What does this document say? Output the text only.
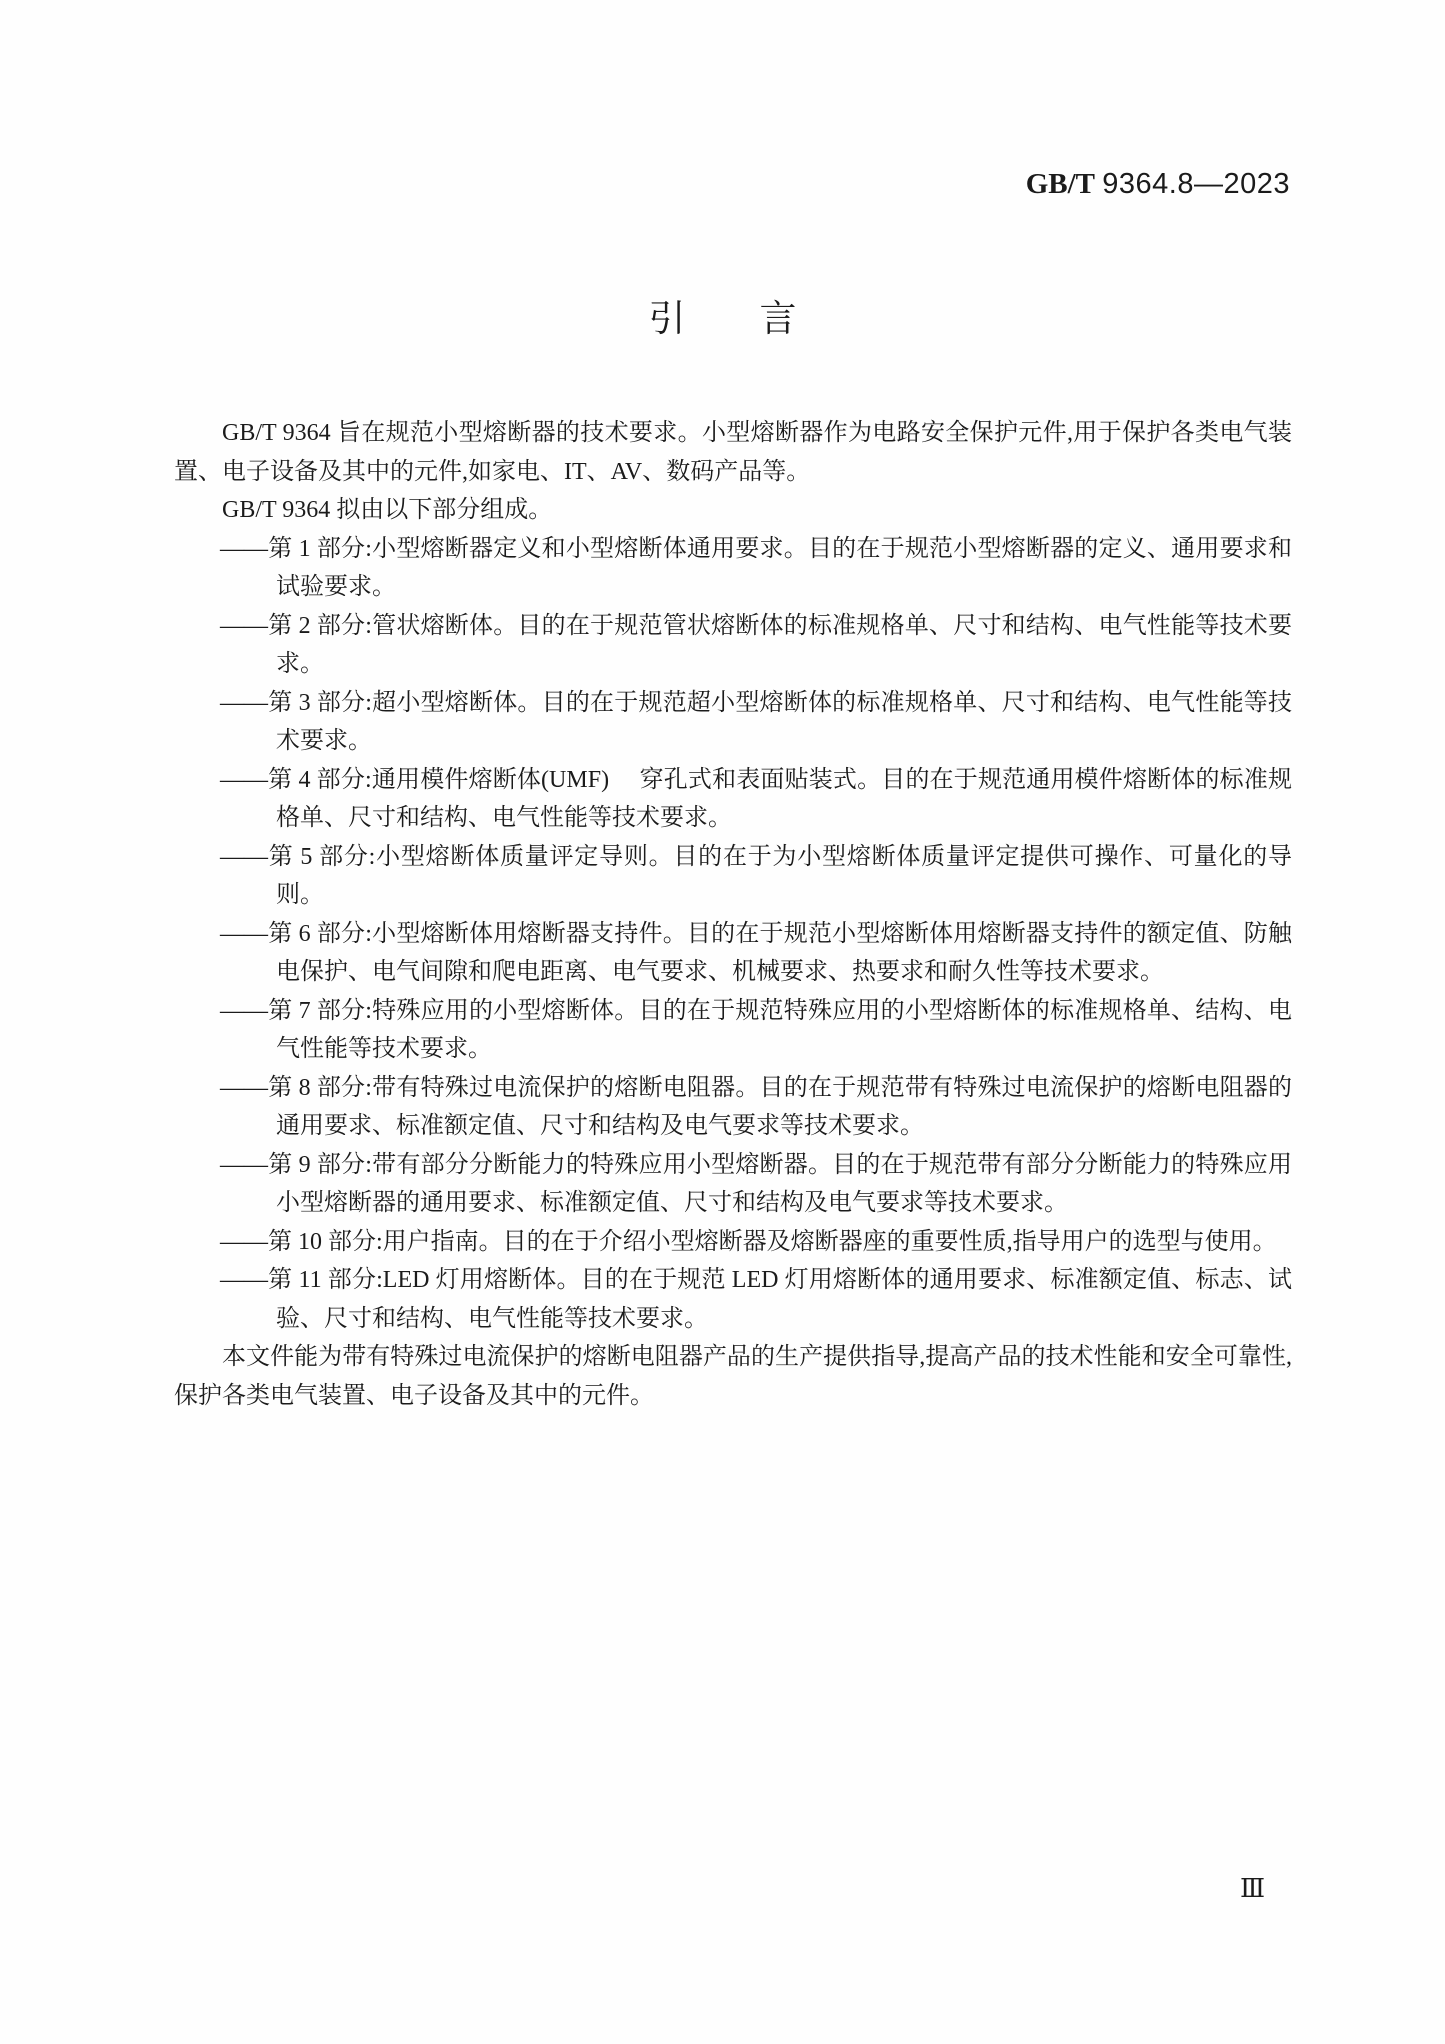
GB/T 9364.8—2023
引　　言

GB/T 9364 旨在规范小型熔断器的技术要求。小型熔断器作为电路安全保护元件,用于保护各类电气装置、电子设备及其中的元件,如家电、IT、AV、数码产品等。

GB/T 9364 拟由以下部分组成。

——第 1 部分:小型熔断器定义和小型熔断体通用要求。目的在于规范小型熔断器的定义、通用要求和试验要求。

——第 2 部分:管状熔断体。目的在于规范管状熔断体的标准规格单、尺寸和结构、电气性能等技术要求。

——第 3 部分:超小型熔断体。目的在于规范超小型熔断体的标准规格单、尺寸和结构、电气性能等技术要求。

——第 4 部分:通用模件熔断体(UMF)　 穿孔式和表面贴装式。目的在于规范通用模件熔断体的标准规格单、尺寸和结构、电气性能等技术要求。

——第 5 部分:小型熔断体质量评定导则。目的在于为小型熔断体质量评定提供可操作、可量化的导则。

——第 6 部分:小型熔断体用熔断器支持件。目的在于规范小型熔断体用熔断器支持件的额定值、防触电保护、电气间隙和爬电距离、电气要求、机械要求、热要求和耐久性等技术要求。

——第 7 部分:特殊应用的小型熔断体。目的在于规范特殊应用的小型熔断体的标准规格单、结构、电气性能等技术要求。

——第 8 部分:带有特殊过电流保护的熔断电阻器。目的在于规范带有特殊过电流保护的熔断电阻器的通用要求、标准额定值、尺寸和结构及电气要求等技术要求。

——第 9 部分:带有部分分断能力的特殊应用小型熔断器。目的在于规范带有部分分断能力的特殊应用小型熔断器的通用要求、标准额定值、尺寸和结构及电气要求等技术要求。

——第 10 部分:用户指南。目的在于介绍小型熔断器及熔断器座的重要性质,指导用户的选型与使用。

——第 11 部分:LED 灯用熔断体。目的在于规范 LED 灯用熔断体的通用要求、标准额定值、标志、试验、尺寸和结构、电气性能等技术要求。

本文件能为带有特殊过电流保护的熔断电阻器产品的生产提供指导,提高产品的技术性能和安全可靠性,保护各类电气装置、电子设备及其中的元件。

Ⅲ
